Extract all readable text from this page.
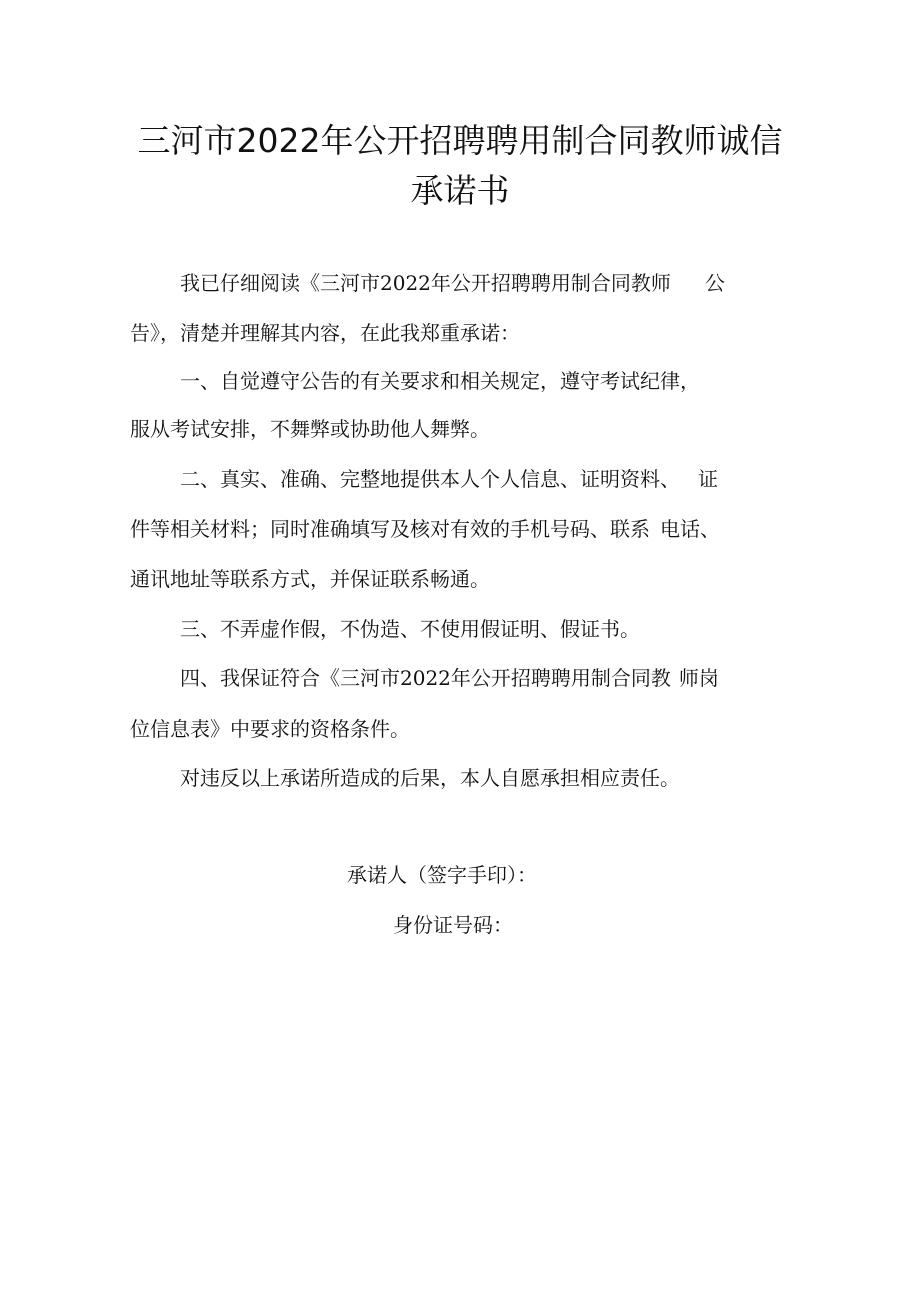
三河市2022年公开招聘聘用制合同教师诚信
承诺书
我已仔细阅读《三河市2022年公开招聘聘用制合同教师 公
告》，清楚并理解其内容，在此我郑重承诺：
一、自觉遵守公告的有关要求和相关规定，遵守考试纪律，
服从考试安排，不舞弊或协助他人舞弊。
二、真实、准确、完整地提供本人个人信息、证明资料、 证
件等相关材料；同时准确填写及核对有效的手机号码、联系 电话、
通讯地址等联系方式，并保证联系畅通。
三、不弄虚作假，不伪造、不使用假证明、假证书。
四、我保证符合《三河市2022年公开招聘聘用制合同教 师岗
位信息表》中要求的资格条件。
对违反以上承诺所造成的后果，本人自愿承担相应责任。
承诺人（签字手印）：
身份证号码：
